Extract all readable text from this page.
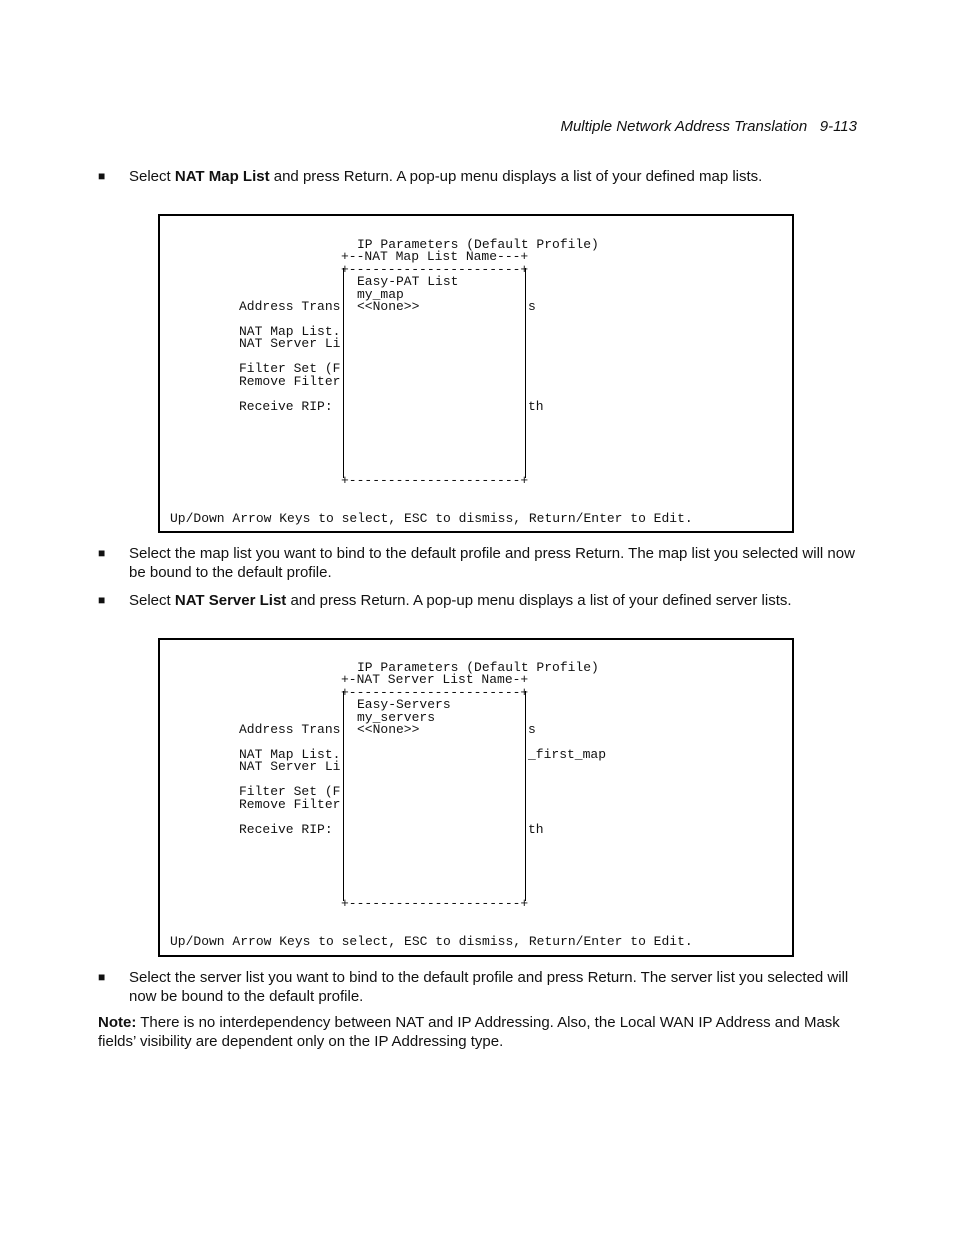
Multiple Network Address Translation 9-113
■ Select NAT Map List and press Return. A pop-up menu displays a list of your defined map lists.
IP Parameters (Default Profile)
+--NAT Map List Name---+
+----------------------+
Easy-PAT List
my_map
<<None>>
Address Trans	s
NAT Map List.
NAT Server Li
Filter Set (F
Remove Filter
Receive RIP:	th
+----------------------+
Up/Down Arrow Keys to select, ESC to dismiss, Return/Enter to Edit.
■ Select the map list you want to bind to the default profile and press Return. The map list you selected will now be bound to the default profile.
■ Select NAT Server List and press Return. A pop-up menu displays a list of your defined server lists.
IP Parameters (Default Profile)
+-NAT Server List Name-+
+----------------------+
Easy-Servers
my_servers
<<None>>
Address Trans	s
NAT Map List.	_first_map
NAT Server Li
Filter Set (F
Remove Filter
Receive RIP:	th
+----------------------+
Up/Down Arrow Keys to select, ESC to dismiss, Return/Enter to Edit.
■ Select the server list you want to bind to the default profile and press Return. The server list you selected will now be bound to the default profile.
Note: There is no interdependency between NAT and IP Addressing. Also, the Local WAN IP Address and Mask fields’ visibility are dependent only on the IP Addressing type.
